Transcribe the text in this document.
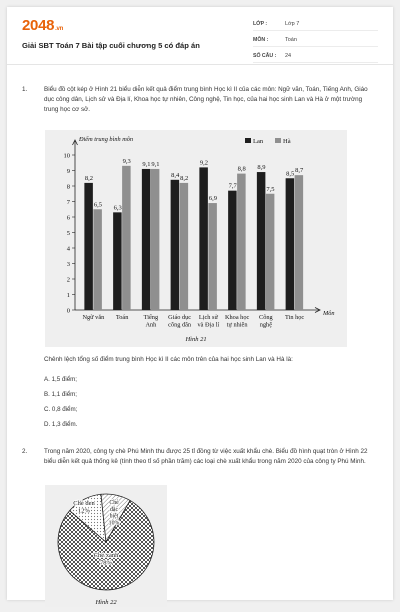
2048.vn
Giải SBT Toán 7 Bài tập cuối chương 5 có đáp án
LỚP :	Lớp 7
MÔN :	Toán
SỐ CÂU :	24
1.	Biểu đồ cột kép ở Hình 21 biểu diễn kết quả điểm trung bình Học kì II của các môn: Ngữ văn, Toán, Tiếng Anh, Giáo dục công dân, Lịch sử và Địa lí, Khoa học tự nhiên, Công nghệ, Tin học, của hai học sinh Lan và Hà ở một trường trung học cơ sở.
0
1
2
3
4
5
6
7
8
9
10
Điểm trung bình môn
Môn
Lan	Hà
8,2
6,5
Ngữ văn
6,3
9,3
Toán
9,1 9,1
Tiếng
Anh
8,4 8,2
Giáo dục
công dân
9,2
6,9
Lịch sử
và Địa lí
7,7
8,8
Khoa học
tự nhiên
8,9
7,5
Công
nghệ
8,5 8,7
Tin học
Hình 21
Chênh lệch tổng số điểm trung bình Học kì II các môn trên của hai học sinh Lan và Hà là:
A. 1,5 điểm;
B. 1,1 điểm;
C. 0,8 điểm;
D. 1,3 điểm.
2.	Trong năm 2020, công ty chè Phú Minh thu được 25 tỉ đồng từ việc xuất khẩu chè. Biểu đồ hình quạt tròn ở Hình 22 biểu diễn kết quả thống kê (tính theo tỉ số phần trăm) các loại chè xuất khẩu trong năm 2020 của công ty Phú Minh.
Chè xanh
78%
Chè đen
12%
Chè
đặc
biệt
10%
Hình 22
